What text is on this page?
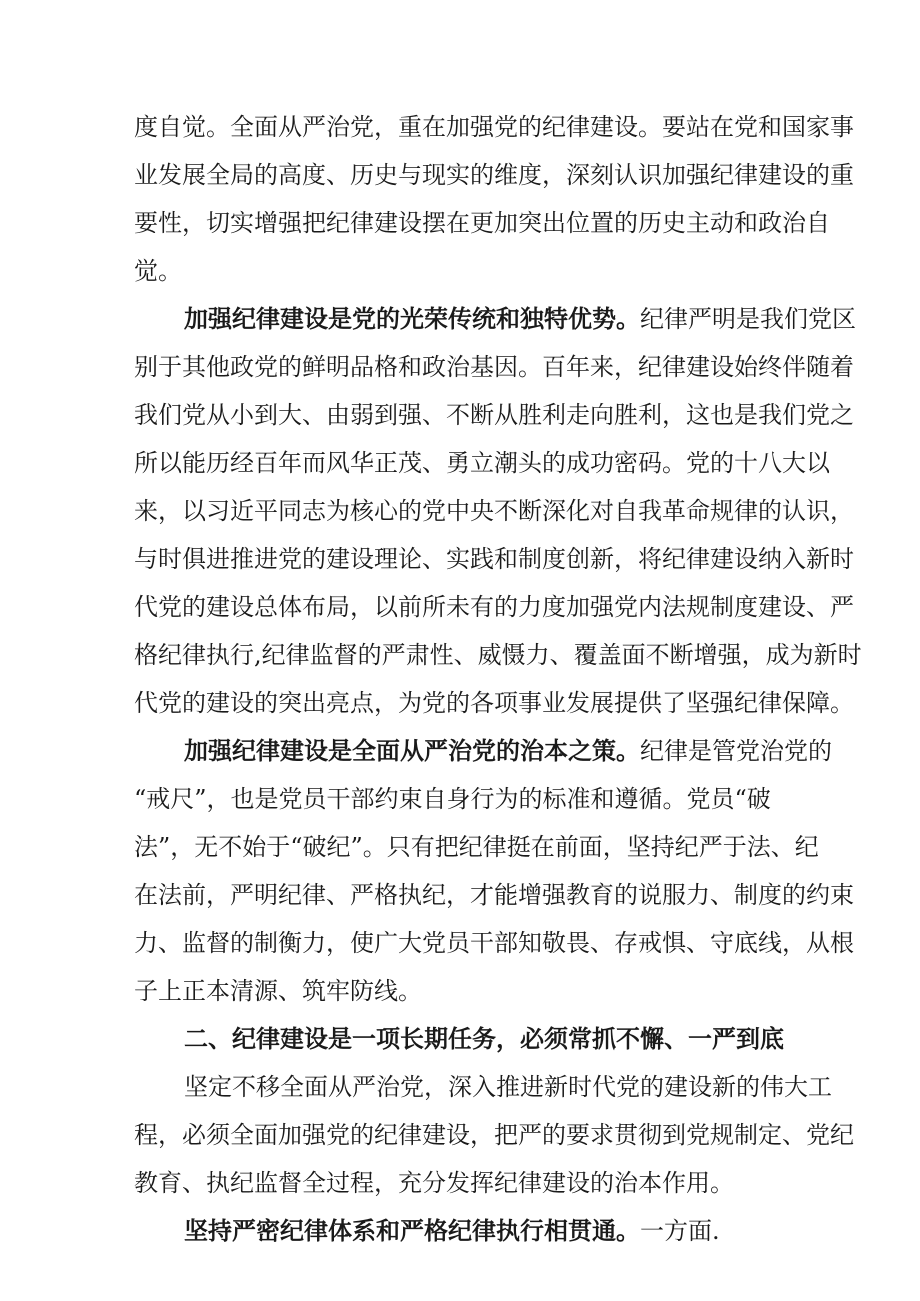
度自觉。全面从严治党，重在加强党的纪律建设。要站在党和国家事
业发展全局的高度、历史与现实的维度，深刻认识加强纪律建设的重
要性，切实增强把纪律建设摆在更加突出位置的历史主动和政治自
觉。
加强纪律建设是党的光荣传统和独特优势。纪律严明是我们党区
别于其他政党的鲜明品格和政治基因。百年来，纪律建设始终伴随着
我们党从小到大、由弱到强、不断从胜利走向胜利，这也是我们党之
所以能历经百年而风华正茂、勇立潮头的成功密码。党的十八大以
来，以习近平同志为核心的党中央不断深化对自我革命规律的认识，
与时俱进推进党的建设理论、实践和制度创新，将纪律建设纳入新时
代党的建设总体布局，以前所未有的力度加强党内法规制度建设、严
格纪律执行,纪律监督的严肃性、威慑力、覆盖面不断增强，成为新时
代党的建设的突出亮点，为党的各项事业发展提供了坚强纪律保障。
加强纪律建设是全面从严治党的治本之策。纪律是管党治党的
“戒尺”，也是党员干部约束自身行为的标准和遵循。党员“破
法”，无不始于“破纪”。只有把纪律挺在前面，坚持纪严于法、纪
在法前，严明纪律、严格执纪，才能增强教育的说服力、制度的约束
力、监督的制衡力，使广大党员干部知敬畏、存戒惧、守底线，从根
子上正本清源、筑牢防线。
二、纪律建设是一项长期任务，必须常抓不懈、一严到底
坚定不移全面从严治党，深入推进新时代党的建设新的伟大工
程，必须全面加强党的纪律建设，把严的要求贯彻到党规制定、党纪
教育、执纪监督全过程，充分发挥纪律建设的治本作用。
坚持严密纪律体系和严格纪律执行相贯通。一方面.
